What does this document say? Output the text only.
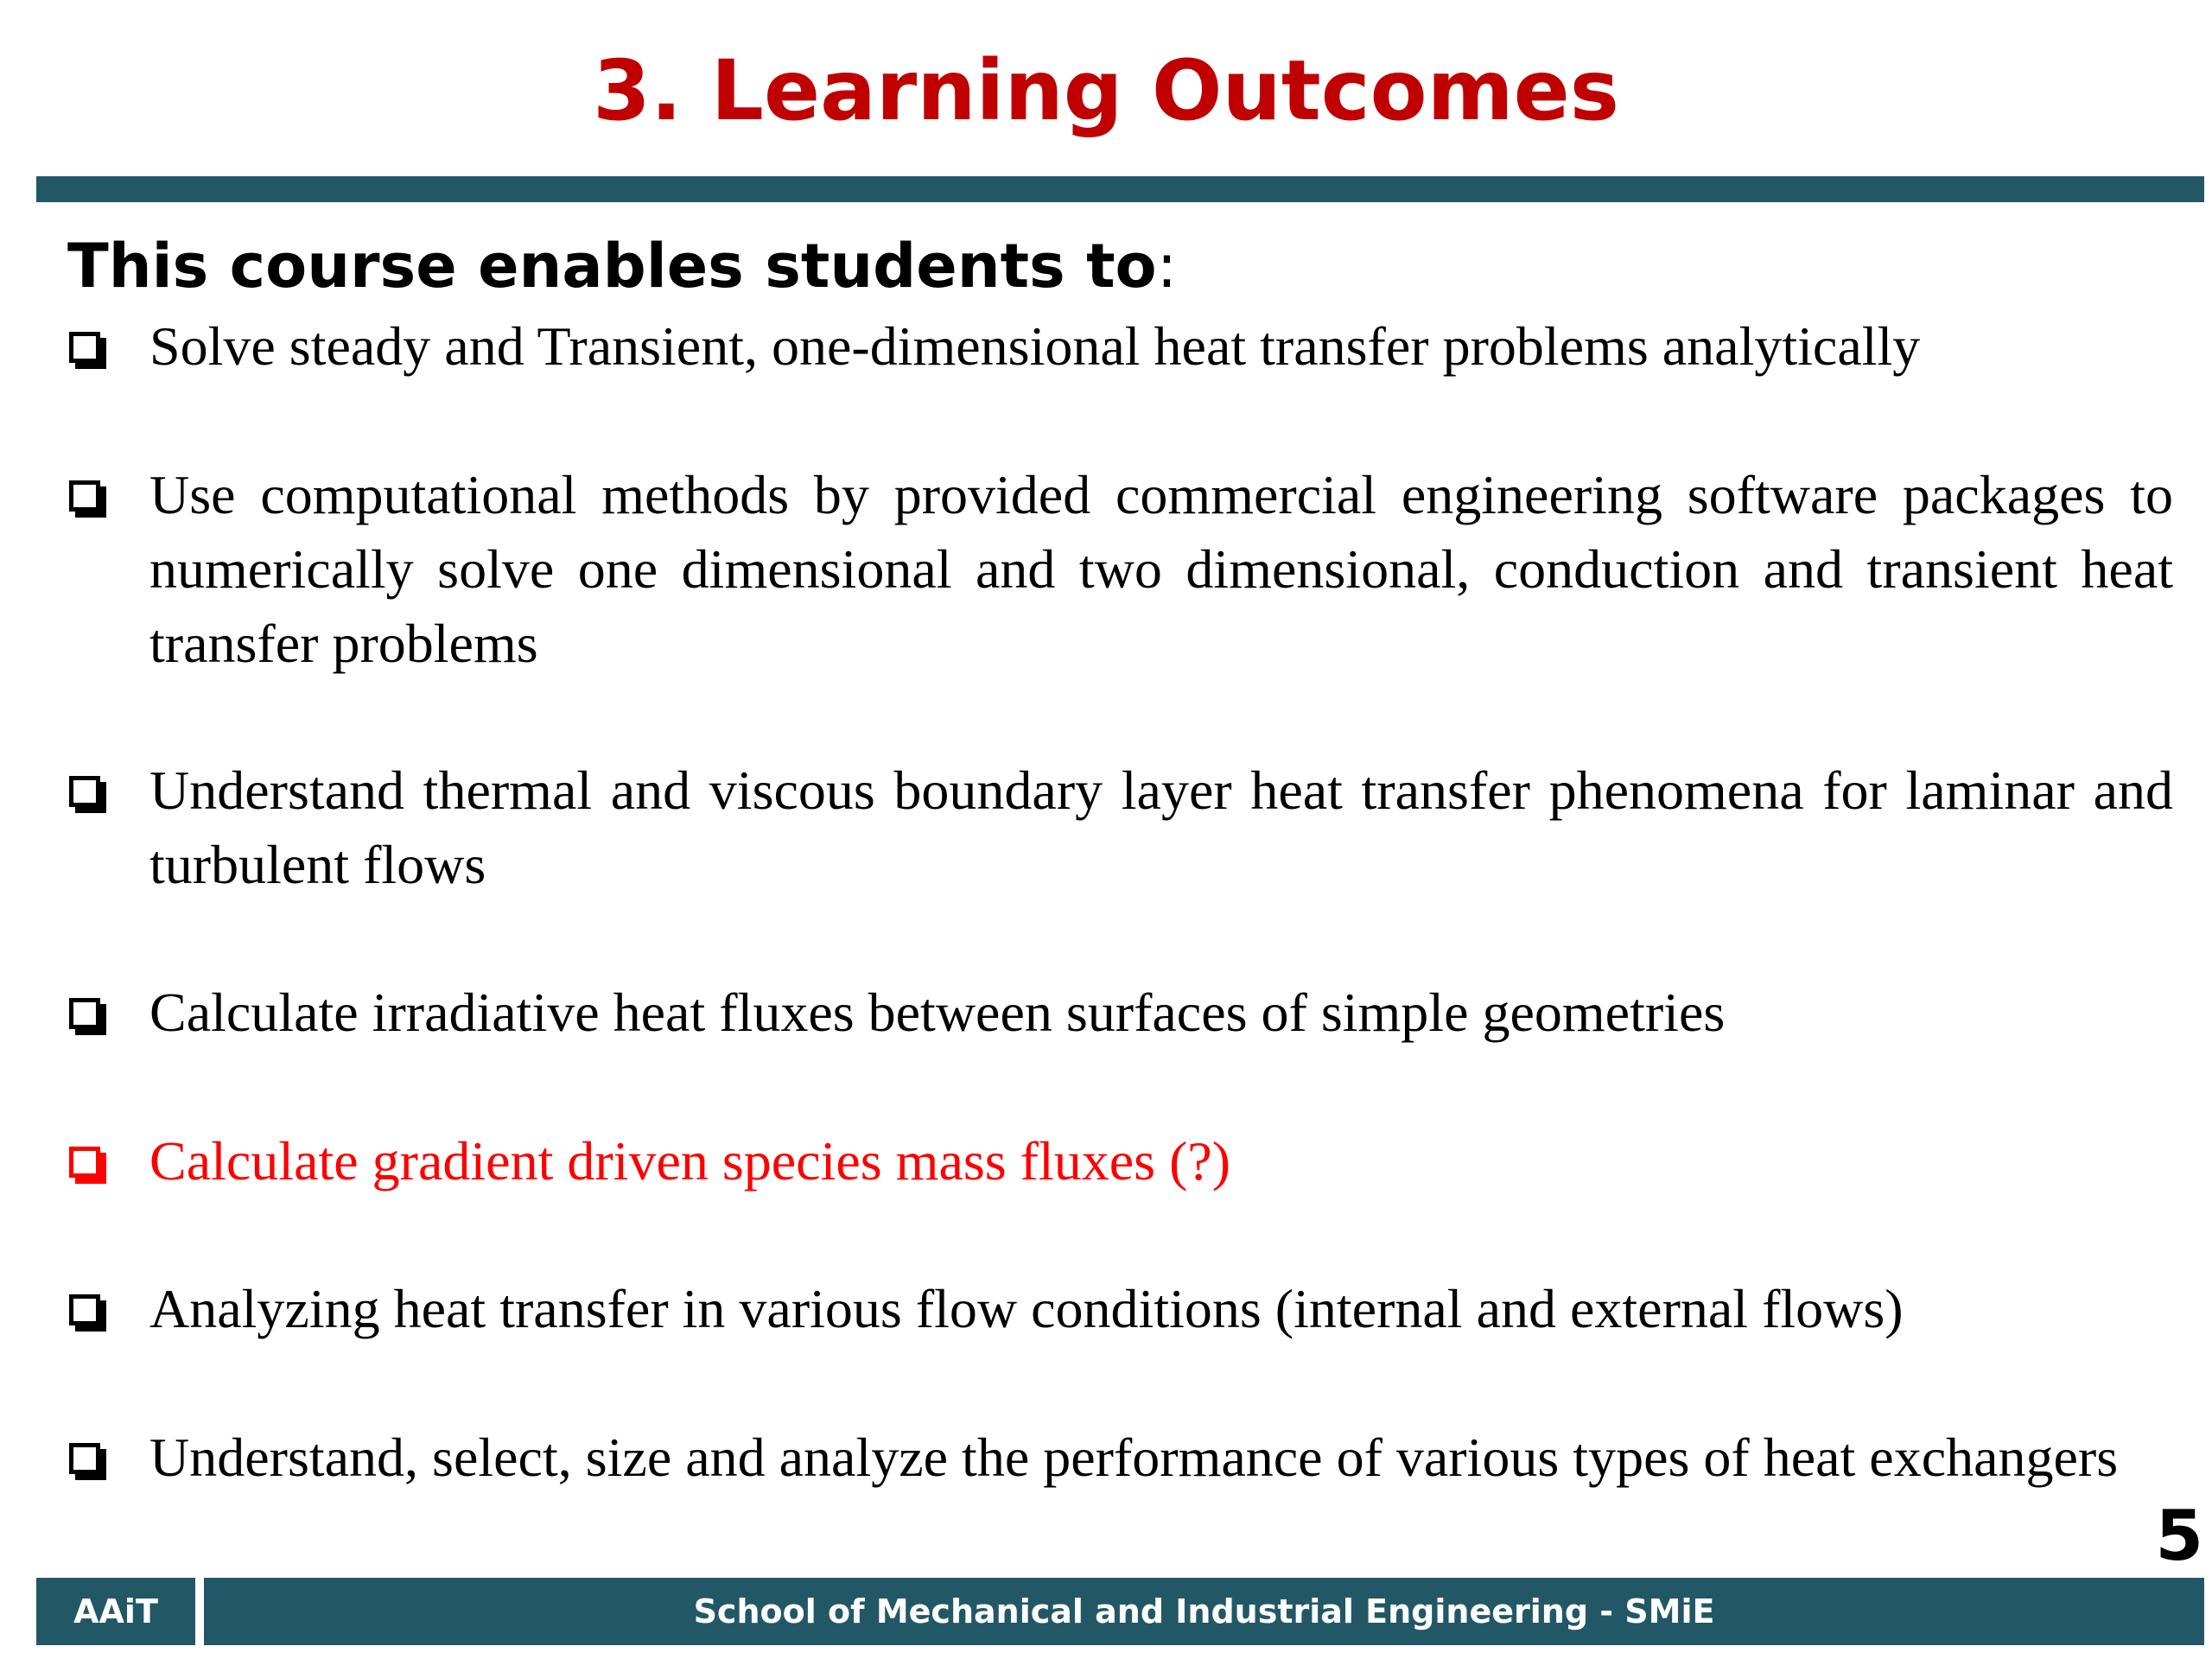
3. Learning Outcomes
This course enables students to:
Solve steady and Transient, one-dimensional heat transfer problems analytically
Use computational methods by provided commercial engineering software packages to numerically solve one dimensional and two dimensional, conduction and transient heat transfer problems
Understand thermal and viscous boundary layer heat transfer phenomena for laminar and turbulent flows
Calculate irradiative heat fluxes between surfaces of simple geometries
Calculate gradient driven species mass fluxes (?)
Analyzing heat transfer in various flow conditions (internal and external flows)
Understand, select, size and analyze the performance of various types of heat exchangers
5
AAiT	School of Mechanical and Industrial Engineering - SMiE
